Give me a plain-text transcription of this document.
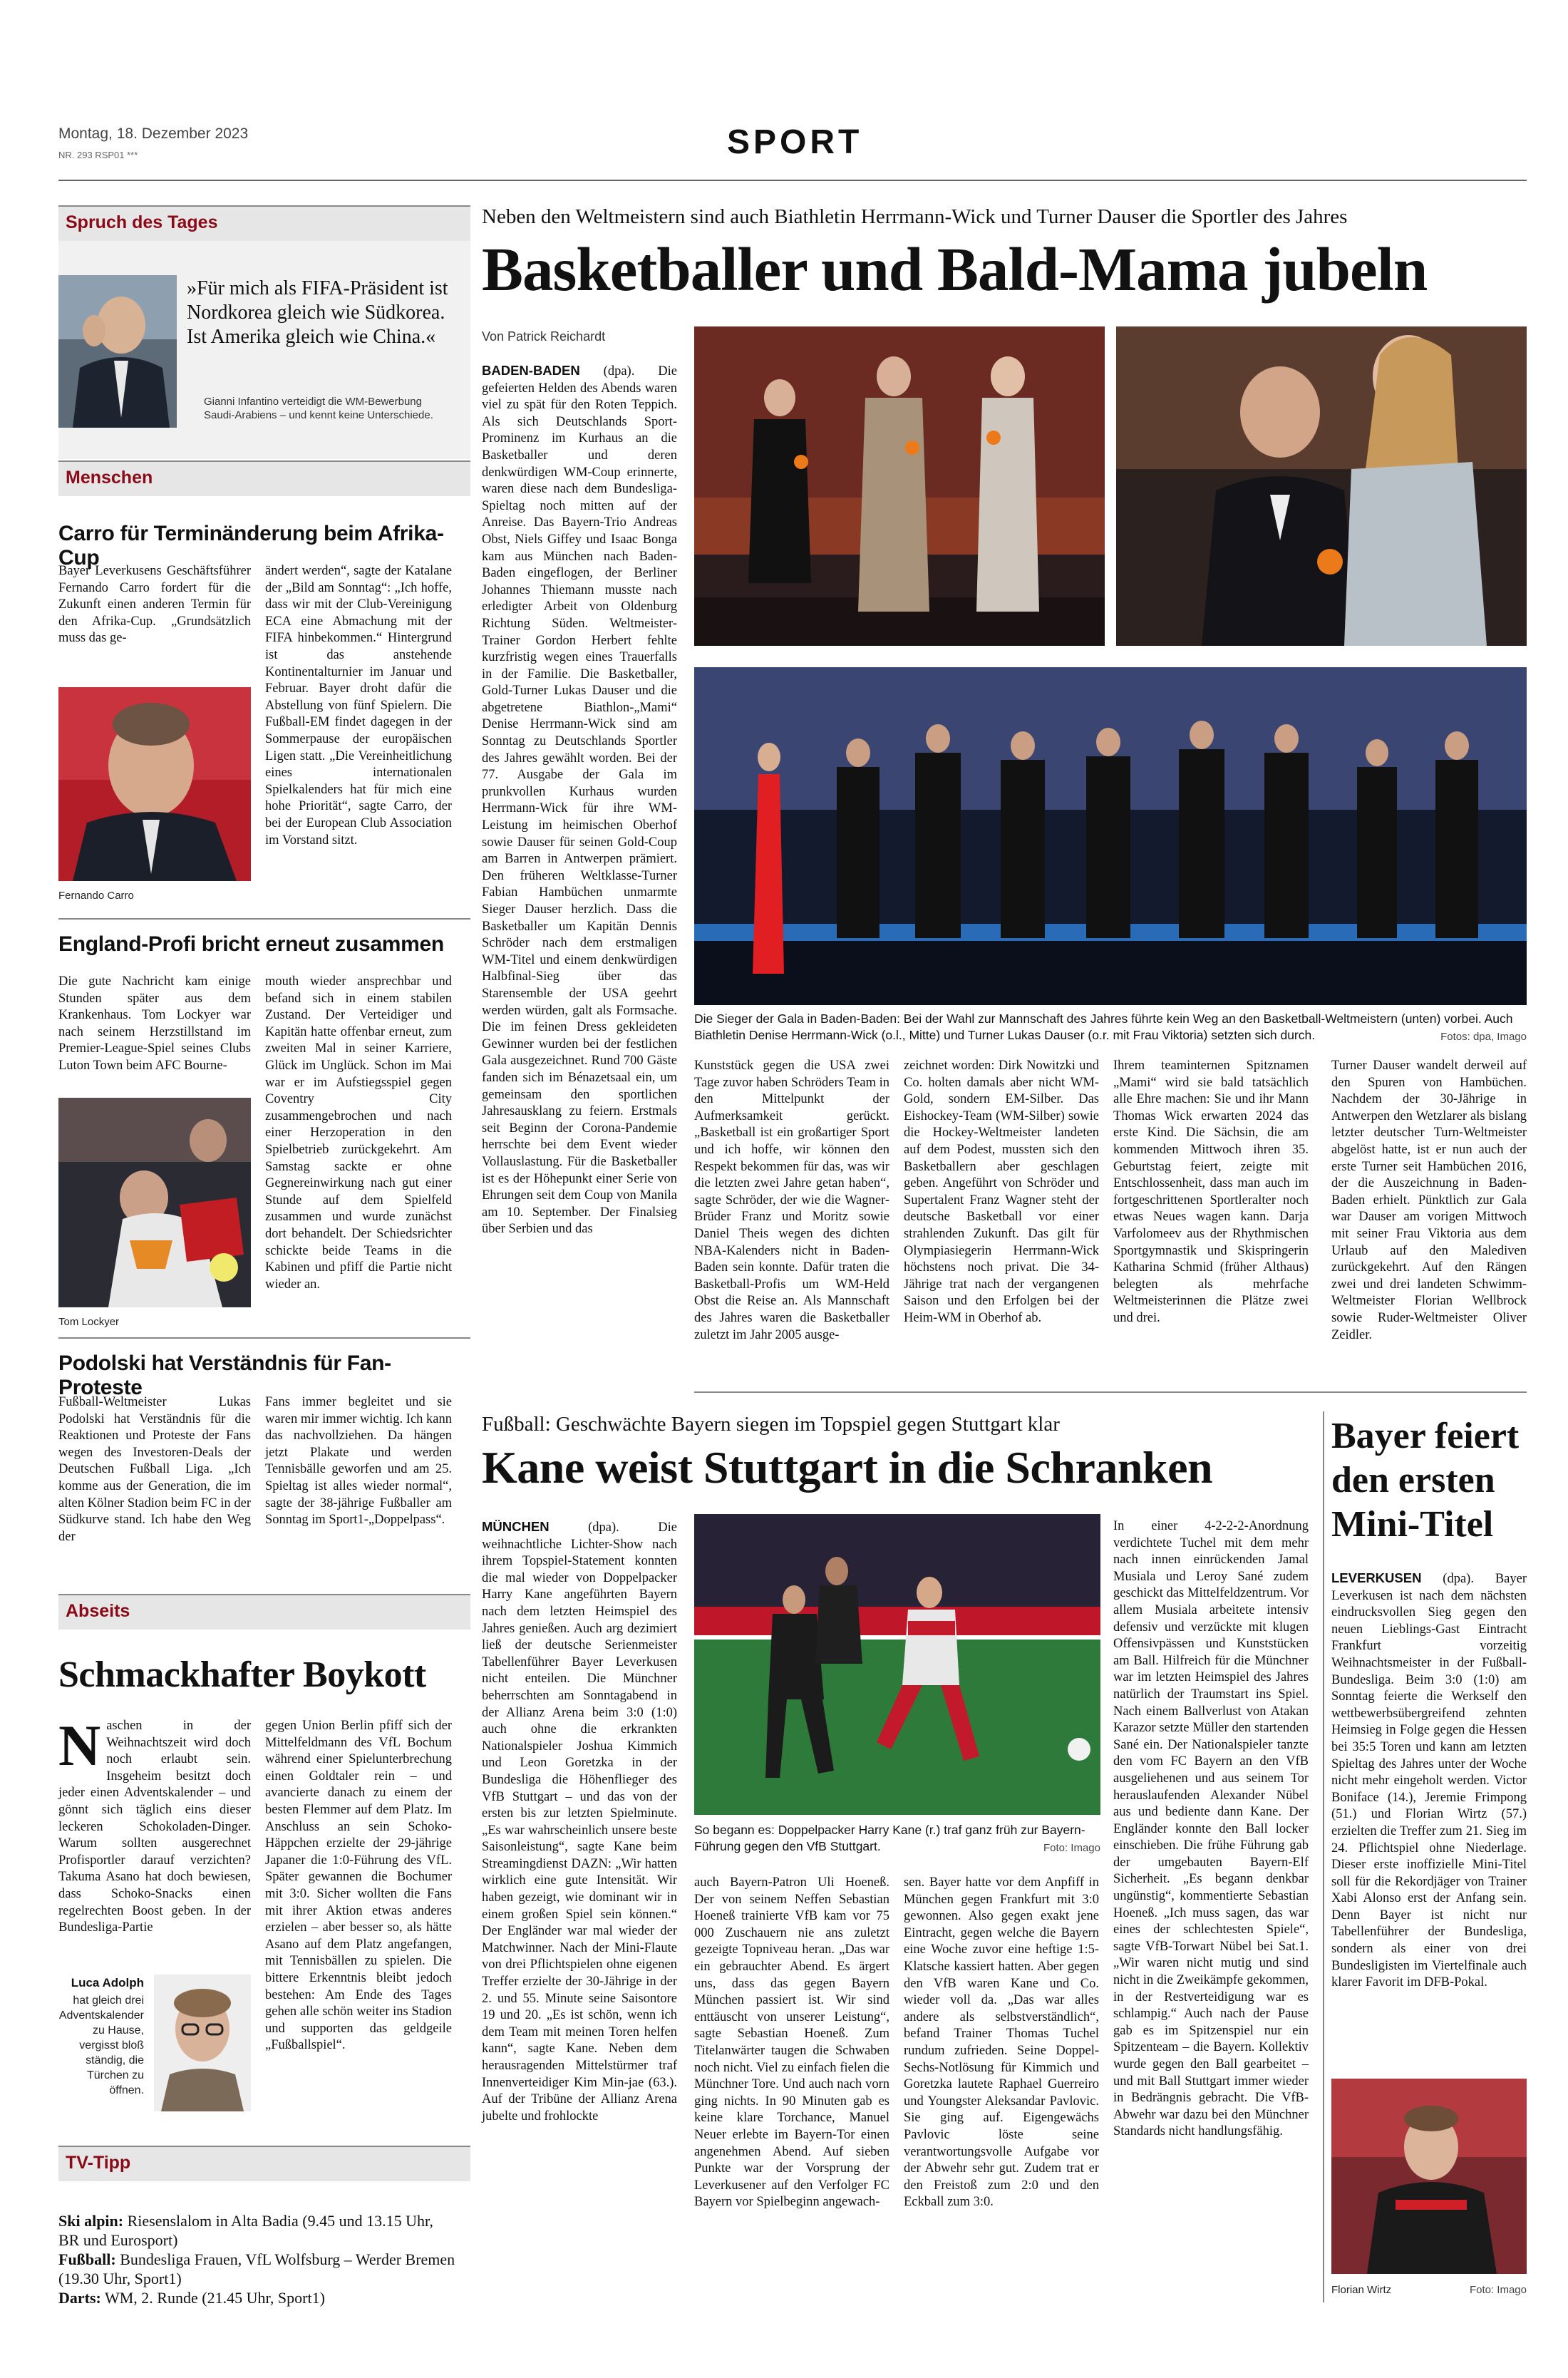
Montag, 18. Dezember 2023
NR. 293 RSP01 ***	SPORT
Spruch des Tages
»Für mich als FIFA-Präsident ist Nordkorea gleich wie Südkorea. Ist Amerika gleich wie China.«
Gianni Infantino verteidigt die WM-Bewerbung Saudi-Arabiens – und kennt keine Unterschiede.
Menschen
Carro für Terminänderung beim Afrika-Cup
Bayer Leverkusens Geschäftsführer Fernando Carro fordert für die Zukunft einen anderen Termin für den Afrika-Cup. „Grundsätzlich muss das ge-
Fernando Carro
ändert werden“, sagte der Katalane der „Bild am Sonntag“: „Ich hoffe, dass wir mit der Club-Vereinigung ECA eine Abmachung mit der FIFA hinbekommen.“ Hintergrund ist das anstehende Kontinentalturnier im Januar und Februar. Bayer droht dafür die Abstellung von fünf Spielern. Die Fußball-EM findet dagegen in der Sommerpause der europäischen Ligen statt. „Die Vereinheitlichung eines internationalen Spielkalenders hat für mich eine hohe Priorität“, sagte Carro, der bei der European Club Association im Vorstand sitzt.
England-Profi bricht erneut zusammen
Die gute Nachricht kam einige Stunden später aus dem Krankenhaus. Tom Lockyer war nach seinem Herzstillstand im Premier-League-Spiel seines Clubs Luton Town beim AFC Bourne-
Tom Lockyer
mouth wieder ansprechbar und befand sich in einem stabilen Zustand. Der Verteidiger und Kapitän hatte offenbar erneut, zum zweiten Mal in seiner Karriere, Glück im Unglück. Schon im Mai war er im Aufstiegsspiel gegen Coventry City zusammengebrochen und nach einer Herzoperation in den Spielbetrieb zurückgekehrt. Am Samstag sackte er ohne Gegnereinwirkung nach gut einer Stunde auf dem Spielfeld zusammen und wurde zunächst dort behandelt. Der Schiedsrichter schickte beide Teams in die Kabinen und pfiff die Partie nicht wieder an.
Podolski hat Verständnis für Fan-Proteste
Fußball-Weltmeister Lukas Podolski hat Verständnis für die Reaktionen und Proteste der Fans wegen des Investoren-Deals der Deutschen Fußball Liga. „Ich komme aus der Generation, die im alten Kölner Stadion beim FC in der Südkurve stand. Ich habe den Weg der
Fans immer begleitet und sie waren mir immer wichtig. Ich kann das nachvollziehen. Da hängen jetzt Plakate und werden Tennisbälle geworfen und am 25. Spieltag ist alles wieder normal“, sagte der 38-jährige Fußballer am Sonntag im Sport1-„Doppelpass“.
Abseits
Schmackhafter Boykott
Naschen in der Weihnachtszeit wird doch noch erlaubt sein. Insgeheim besitzt doch jeder einen Adventskalender – und gönnt sich täglich eins dieser leckeren Schokoladen-Dinger. Warum sollten ausgerechnet Profisportler darauf verzichten? Takuma Asano hat doch bewiesen, dass Schoko-Snacks einen regelrechten Boost geben. In der Bundesliga-Partie
Luca Adolph
hat gleich drei Adventskalender zu Hause, vergisst bloß ständig, die Türchen zu öffnen.
gegen Union Berlin pfiff sich der Mittelfeldmann des VfL Bochum während einer Spielunterbrechung einen Goldtaler rein – und avancierte danach zu einem der besten Flemmer auf dem Platz. Im Anschluss an sein Schoko-Häppchen erzielte der 29-jährige Japaner die 1:0-Führung des VfL. Später gewannen die Bochumer mit 3:0. Sicher wollten die Fans mit ihrer Aktion etwas anderes erzielen – aber besser so, als hätte Asano auf dem Platz angefangen, mit Tennisbällen zu spielen. Die bittere Erkenntnis bleibt jedoch bestehen: Am Ende des Tages gehen alle schön weiter ins Stadion und supporten das geldgeile „Fußballspiel“.
TV-Tipp
Ski alpin: Riesenslalom in Alta Badia (9.45 und 13.15 Uhr, BR und Eurosport)
Fußball: Bundesliga Frauen, VfL Wolfsburg – Werder Bremen (19.30 Uhr, Sport1)
Darts: WM, 2. Runde (21.45 Uhr, Sport1)
Neben den Weltmeistern sind auch Biathletin Herrmann-Wick und Turner Dauser die Sportler des Jahres
Basketballer und Bald-Mama jubeln
Von Patrick Reichardt
BADEN-BADEN (dpa). Die gefeierten Helden des Abends waren viel zu spät für den Roten Teppich. Als sich Deutschlands Sport-Prominenz im Kurhaus an die Basketballer und deren denkwürdigen WM-Coup erinnerte, waren diese nach dem Bundesliga-Spieltag noch mitten auf der Anreise. Das Bayern-Trio Andreas Obst, Niels Giffey und Isaac Bonga kam aus München nach Baden-Baden eingeflogen, der Berliner Johannes Thiemann musste nach erledigter Arbeit von Oldenburg Richtung Süden. Weltmeister-Trainer Gordon Herbert fehlte kurzfristig wegen eines Trauerfalls in der Familie. Die Basketballer, Gold-Turner Lukas Dauser und die abgetretene Biathlon-„Mami“ Denise Herrmann-Wick sind am Sonntag zu Deutschlands Sportler des Jahres gewählt worden. Bei der 77. Ausgabe der Gala im prunkvollen Kurhaus wurden Herrmann-Wick für ihre WM-Leistung im heimischen Oberhof sowie Dauser für seinen Gold-Coup am Barren in Antwerpen prämiert. Den früheren Weltklasse-Turner Fabian Hambüchen unmarmte Sieger Dauser herzlich. Dass die Basketballer um Kapitän Dennis Schröder nach dem erstmaligen WM-Titel und einem denkwürdigen Halbfinal-Sieg über das Starensemble der USA geehrt werden würden, galt als Formsache. Die im feinen Dress gekleideten Gewinner wurden bei der festlichen Gala ausgezeichnet. Rund 700 Gäste fanden sich im Bénazetsaal ein, um gemeinsam den sportlichen Jahresausklang zu feiern. Erstmals seit Beginn der Corona-Pandemie herrschte bei dem Event wieder Vollauslastung. Für die Basketballer ist es der Höhepunkt einer Serie von Ehrungen seit dem Coup von Manila am 10. September. Der Finalsieg über Serbien und das
Die Sieger der Gala in Baden-Baden: Bei der Wahl zur Mannschaft des Jahres führte kein Weg an den Basketball-Weltmeistern (unten) vorbei. Auch Biathletin Denise Herrmann-Wick (o.l., Mitte) und Turner Lukas Dauser (o.r. mit Frau Viktoria) setzten sich durch.	Fotos: dpa, Imago
Kunststück gegen die USA zwei Tage zuvor haben Schröders Team in den Mittelpunkt der Aufmerksamkeit gerückt. „Basketball ist ein großartiger Sport und ich hoffe, wir können den Respekt bekommen für das, was wir die letzten zwei Jahre getan haben“, sagte Schröder, der wie die Wagner-Brüder Franz und Moritz sowie Daniel Theis wegen des dichten NBA-Kalenders nicht in Baden-Baden sein konnte. Dafür traten die Basketball-Profis um WM-Held Obst die Reise an. Als Mannschaft des Jahres waren die Basketballer zuletzt im Jahr 2005 ausge-
zeichnet worden: Dirk Nowitzki und Co. holten damals aber nicht WM-Gold, sondern EM-Silber. Das Eishockey-Team (WM-Silber) sowie die Hockey-Weltmeister landeten auf dem Podest, mussten sich den Basketballern aber geschlagen geben. Angeführt von Schröder und Supertalent Franz Wagner steht der deutsche Basketball vor einer strahlenden Zukunft. Das gilt für Olympiasiegerin Herrmann-Wick höchstens noch privat. Die 34-Jährige trat nach der vergangenen Saison und den Erfolgen bei der Heim-WM in Oberhof ab.
Ihrem teaminternen Spitznamen „Mami“ wird sie bald tatsächlich alle Ehre machen: Sie und ihr Mann Thomas Wick erwarten 2024 das erste Kind. Die Sächsin, die am kommenden Mittwoch ihren 35. Geburtstag feiert, zeigte mit Entschlossenheit, dass man auch im fortgeschrittenen Sportleralter noch etwas Neues wagen kann. Darja Varfolomeev aus der Rhythmischen Sportgymnastik und Skispringerin Katharina Schmid (früher Althaus) belegten als mehrfache Weltmeisterinnen die Plätze zwei und drei.
Turner Dauser wandelt derweil auf den Spuren von Hambüchen. Nachdem der 30-Jährige in Antwerpen den Wetzlarer als bislang letzter deutscher Turn-Weltmeister abgelöst hatte, ist er nun auch der erste Turner seit Hambüchen 2016, der die Auszeichnung in Baden-Baden erhielt. Pünktlich zur Gala war Dauser am vorigen Mittwoch mit seiner Frau Viktoria aus dem Urlaub auf den Malediven zurückgekehrt. Auf den Rängen zwei und drei landeten Schwimm-Weltmeister Florian Wellbrock sowie Ruder-Weltmeister Oliver Zeidler.
Fußball: Geschwächte Bayern siegen im Topspiel gegen Stuttgart klar
Kane weist Stuttgart in die Schranken
MÜNCHEN	(dpa).	Die weihnachtliche Lichter-Show nach ihrem Topspiel-Statement konnten die mal wieder von Doppelpacker Harry Kane angeführten Bayern nach dem letzten Heimspiel des Jahres genießen. Auch arg dezimiert ließ der deutsche Serienmeister Tabellenführer Bayer Leverkusen nicht enteilen. Die Münchner beherrschten am Sonntagabend in der Allianz Arena beim 3:0 (1:0) auch ohne die erkrankten Nationalspieler Joshua Kimmich und Leon Goretzka in der Bundesliga die Höhenflieger des VfB Stuttgart – und das von der ersten bis zur letzten Spielminute. „Es war wahrscheinlich unsere beste Saisonleistung“, sagte Kane beim Streamingdienst DAZN: „Wir hatten wirklich eine gute Intensität. Wir haben gezeigt, wie dominant wir in einem großen Spiel sein können.“ Der Engländer war mal wieder der Matchwinner. Nach der Mini-Flaute von drei Pflichtspielen ohne eigenen Treffer erzielte der 30-Jährige in der 2. und 55. Minute seine Saisontore 19 und 20. „Es ist schön, wenn ich dem Team mit meinen Toren helfen kann“, sagte Kane. Neben dem herausragenden Mittelstürmer traf Innenverteidiger Kim Min-jae (63.). Auf der Tribüne der Allianz Arena jubelte und frohlockte
So begann es: Doppelpacker Harry Kane (r.) traf ganz früh zur Bayern-Führung gegen den VfB Stuttgart.	Foto: Imago
auch Bayern-Patron Uli Hoeneß. Der von seinem Neffen Sebastian Hoeneß trainierte VfB kam vor 75 000 Zuschauern nie ans zuletzt gezeigte Topniveau heran. „Das war ein gebrauchter Abend. Es ärgert uns, dass das gegen Bayern München passiert ist. Wir sind enttäuscht von unserer Leistung“, sagte Sebastian Hoeneß. Zum Titelanwärter taugen die Schwaben noch nicht. Viel zu einfach fielen die Münchner Tore. Und auch nach vorn ging nichts. In 90 Minuten gab es keine klare Torchance, Manuel Neuer erlebte im Bayern-Tor einen angenehmen Abend. Auf sieben Punkte war der Vorsprung der Leverkusener auf den Verfolger FC Bayern vor Spielbeginn angewach-
sen. Bayer hatte vor dem Anpfiff in München gegen Frankfurt mit 3:0 gewonnen. Also gegen exakt jene Eintracht, gegen welche die Bayern eine Woche zuvor eine heftige 1:5-Klatsche kassiert hatten. Aber gegen den VfB waren Kane und Co. wieder voll da. „Das war alles andere als selbstverständlich“, befand Trainer Thomas Tuchel rundum zufrieden. Seine Doppel-Sechs-Notlösung für Kimmich und Goretzka lautete Raphael Guerreiro und Youngster Aleksandar Pavlovic. Sie ging auf. Eigengewächs Pavlovic löste seine verantwortungsvolle Aufgabe vor der Abwehr sehr gut. Zudem trat er den Freistoß zum 2:0 und den Eckball zum 3:0.
In einer 4-2-2-2-Anordnung verdichtete Tuchel mit dem mehr nach innen einrückenden Jamal Musiala und Leroy Sané zudem geschickt das Mittelfeldzentrum. Vor allem Musiala arbeitete intensiv defensiv und verzückte mit klugen Offensivpässen und Kunststücken am Ball. Hilfreich für die Münchner war im letzten Heimspiel des Jahres natürlich der Traumstart ins Spiel. Nach einem Ballverlust von Atakan Karazor setzte Müller den startenden Sané ein. Der Nationalspieler tanzte den vom FC Bayern an den VfB ausgeliehenen und aus seinem Tor herauslaufenden Alexander Nübel aus und bediente dann Kane. Der Engländer konnte den Ball locker einschieben. Die frühe Führung gab der umgebauten Bayern-Elf Sicherheit. „Es begann denkbar ungünstig“, kommentierte Sebastian Hoeneß. „Ich muss sagen, das war eines der schlechtesten Spiele“, sagte VfB-Torwart Nübel bei Sat.1. „Wir waren nicht mutig und sind nicht in die Zweikämpfe gekommen, in der Restverteidigung war es schlampig.“ Auch nach der Pause gab es im Spitzenspiel nur ein Spitzenteam – die Bayern. Kollektiv wurde gegen den Ball gearbeitet – und mit Ball Stuttgart immer wieder in Bedrängnis gebracht. Die VfB-Abwehr war dazu bei den Münchner Standards nicht handlungsfähig.
Bayer feiert den ersten Mini-Titel
LEVERKUSEN (dpa). Bayer Leverkusen ist nach dem nächsten eindrucksvollen Sieg gegen den neuen Lieblings-Gast Eintracht Frankfurt vorzeitig Weihnachtsmeister in der Fußball-Bundesliga. Beim 3:0 (1:0) am Sonntag feierte die Werkself den wettbewerbsübergreifend zehnten Heimsieg in Folge gegen die Hessen bei 35:5 Toren und kann am letzten Spieltag des Jahres unter der Woche nicht mehr eingeholt werden. Victor Boniface (14.), Jeremie Frimpong (51.) und Florian Wirtz (57.) erzielten die Treffer zum 21. Sieg im 24. Pflichtspiel ohne Niederlage. Dieser erste inoffizielle Mini-Titel soll für die Rekordjäger von Trainer Xabi Alonso erst der Anfang sein. Denn Bayer ist nicht nur Tabellenführer der Bundesliga, sondern als einer von drei Bundesligisten im Viertelfinale auch klarer Favorit im DFB-Pokal.
Florian Wirtz	Foto: Imago
